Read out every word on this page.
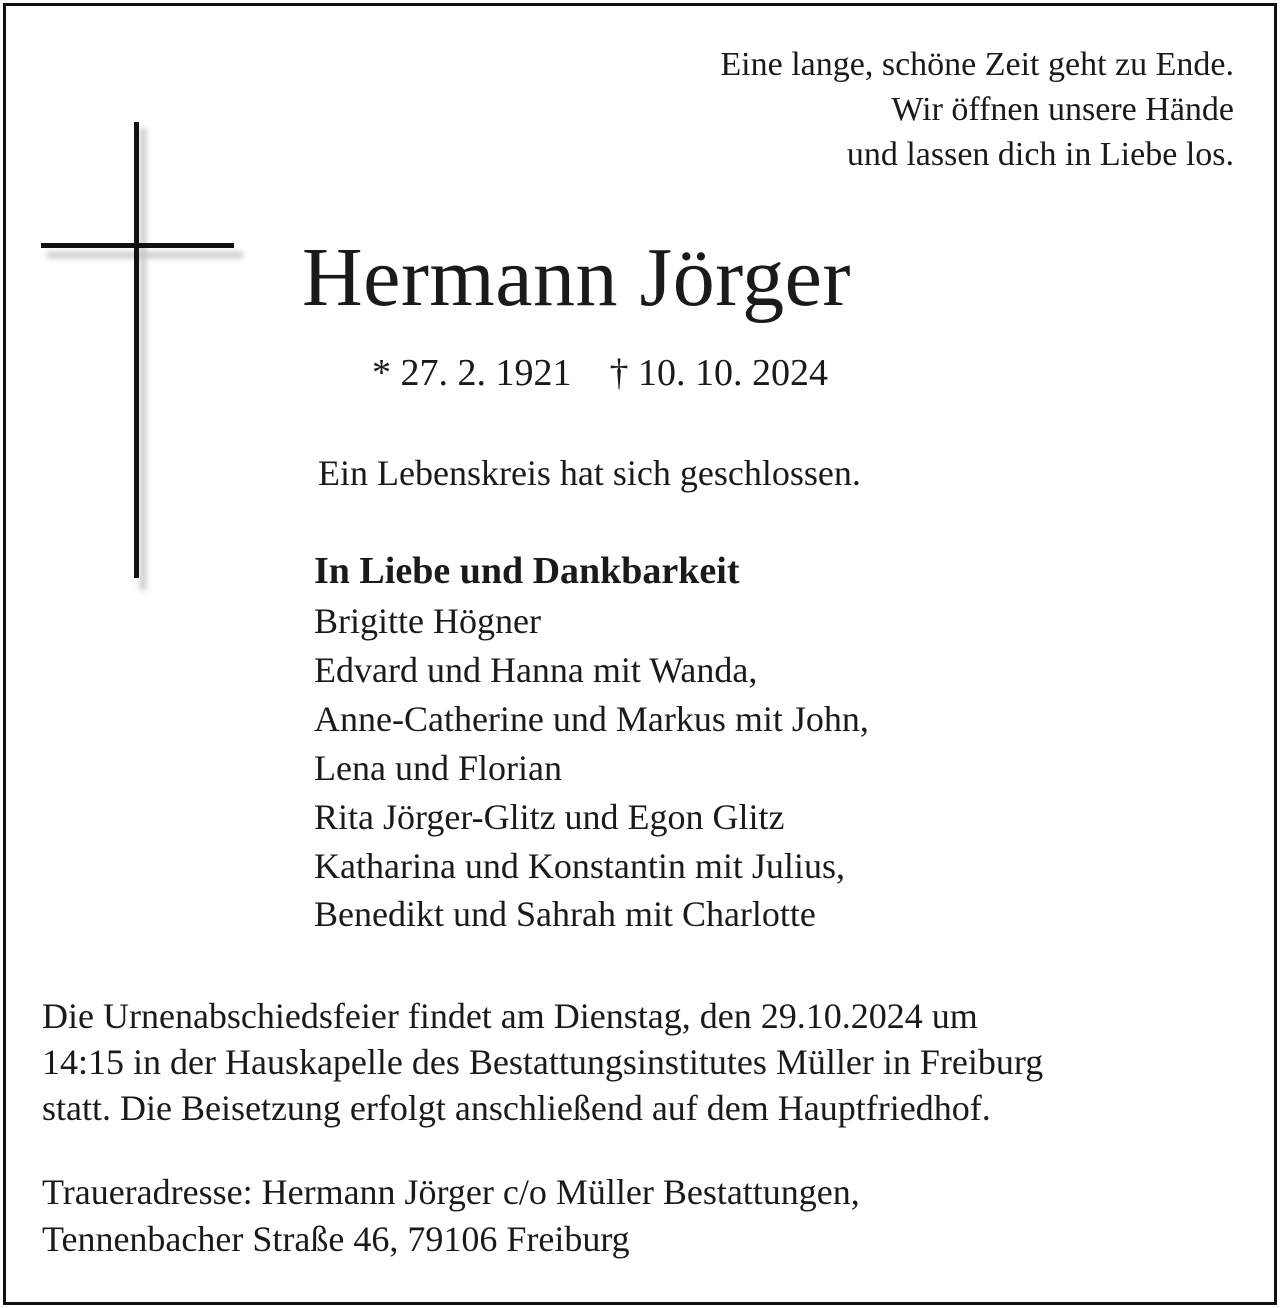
Eine lange, schöne Zeit geht zu Ende.
Wir öffnen unsere Hände
und lassen dich in Liebe los.
Hermann Jörger
* 27. 2. 1921 † 10. 10. 2024
Ein Lebenskreis hat sich geschlossen.
In Liebe und Dankbarkeit
Brigitte Högner
Edvard und Hanna mit Wanda,
Anne-Catherine und Markus mit John,
Lena und Florian
Rita Jörger-Glitz und Egon Glitz
Katharina und Konstantin mit Julius,
Benedikt und Sahrah mit Charlotte
Die Urnenabschiedsfeier findet am Dienstag, den 29.10.2024 um
14:15 in der Hauskapelle des Bestattungsinstitutes Müller in Freiburg
statt. Die Beisetzung erfolgt anschließend auf dem Hauptfriedhof.
Traueradresse: Hermann Jörger c/o Müller Bestattungen,
Tennenbacher Straße 46, 79106 Freiburg
